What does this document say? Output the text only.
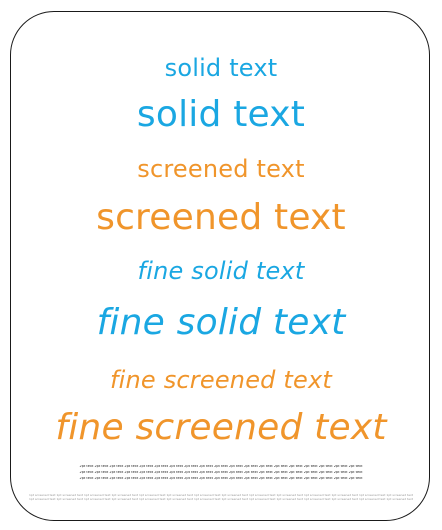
solid text
solid text
screened text
screened text
fine solid text
fine solid text
fine screened text
fine screened text
2pt text 2pt text 2pt text 2pt text 2pt text 2pt text 2pt text 2pt text 2pt text 2pt text 2pt text 2pt text 2pt text 2pt text 2pt text 2pt text 2pt text 2pt text 2pt text
2pt text 2pt text 2pt text 2pt text 2pt text 2pt text 2pt text 2pt text 2pt text 2pt text 2pt text 2pt text 2pt text 2pt text 2pt text 2pt text 2pt text 2pt text 2pt text
2pt text 2pt text 2pt text 2pt text 2pt text 2pt text 2pt text 2pt text 2pt text 2pt text 2pt text 2pt text 2pt text 2pt text 2pt text 2pt text 2pt text 2pt text 2pt text
1pt screened text 1pt screened text 1pt screened text 1pt screened text 1pt screened text 1pt screened text 1pt screened text 1pt screened text 1pt screened text 1pt screened text 1pt screened text 1pt screened text 1pt screened text 1pt screened text
1pt screened text 1pt screened text 1pt screened text 1pt screened text 1pt screened text 1pt screened text 1pt screened text 1pt screened text 1pt screened text 1pt screened text 1pt screened text 1pt screened text 1pt screened text 1pt screened text
